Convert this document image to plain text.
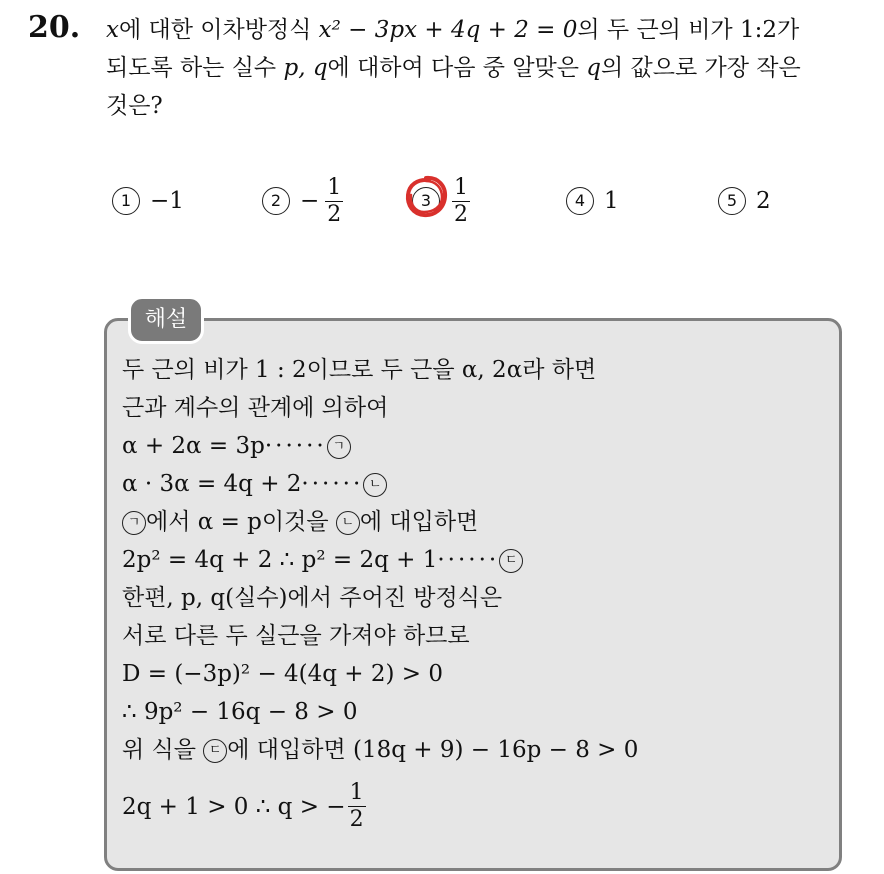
20. x에 대한 이차방정식 x² − 3px + 4q + 2 = 0의 두 근의 비가 1:2가
되도록 하는 실수 p, q에 대하여 다음 중 알맞은 q의 값으로 가장 작은
것은?
1 −1	$2 - \frac{1}{2}$	$3 \frac{1}{2}$	4 1	5 2
해설
두 근의 비가 1 : 2이므로 두 근을 α, 2α라 하면
근과 계수의 관계에 의하여
α + 2α = 3p······ ㄱ
α · 3α = 4q + 2······ ㄴ
ㄱ 에서 α = p이것을 ㄴ 에 대입하면
2p² = 4q + 2 ∴ p² = 2q + 1······ ㄷ
한편, p, q(실수)에서 주어진 방정식은
서로 다른 두 실근을 가져야 하므로
D = (−3p)² − 4(4q + 2) > 0
∴ 9p² − 16q − 8 > 0
위 식을 ㄷ 에 대입하면 (18q + 9) − 16p − 8 > 0
2q + 1 > 0 ∴ q > − $\frac{1}{2}$
